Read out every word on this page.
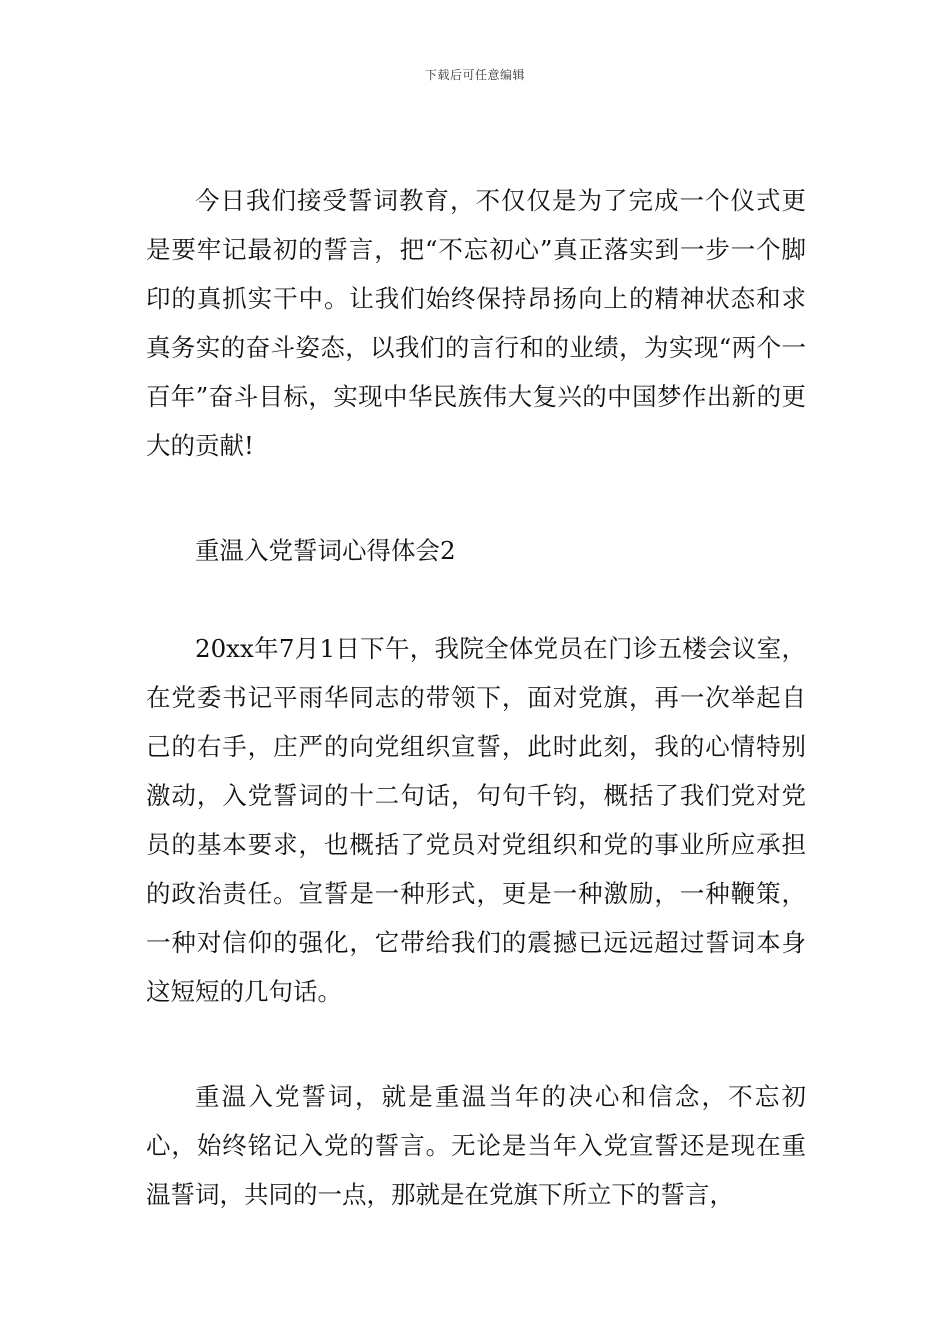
下载后可任意编辑

今日我们接受誓词教育，不仅仅是为了完成一个仪式更是要牢记最初的誓言，把“不忘初心”真正落实到一步一个脚印的真抓实干中。让我们始终保持昂扬向上的精神状态和求真务实的奋斗姿态，以我们的言行和的业绩，为实现“两个一百年”奋斗目标，实现中华民族伟大复兴的中国梦作出新的更大的贡献!

重温入党誓词心得体会2

20xx年7月1日下午，我院全体党员在门诊五楼会议室，在党委书记平雨华同志的带领下，面对党旗，再一次举起自己的右手，庄严的向党组织宣誓，此时此刻，我的心情特别激动，入党誓词的十二句话，句句千钧，概括了我们党对党员的基本要求，也概括了党员对党组织和党的事业所应承担的政治责任。宣誓是一种形式，更是一种激励，一种鞭策，一种对信仰的强化，它带给我们的震撼已远远超过誓词本身这短短的几句话。

重温入党誓词，就是重温当年的决心和信念，不忘初心，始终铭记入党的誓言。无论是当年入党宣誓还是现在重温誓词，共同的一点，那就是在党旗下所立下的誓言，
